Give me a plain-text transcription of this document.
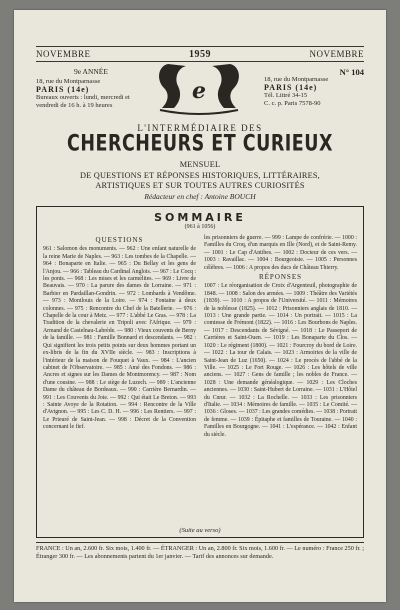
NOVEMBRE	1959	NOVEMBRE
9e ANNÉE
18, rue du Montparnasse
PARIS (14e)
Bureaux ouverts : lundi, mercredi et vendredi de 16 h. à 19 heures
e
N° 104
18, rue du Montparnasse
PARIS (14e)
Tél. Littré 34-15
C. c. p. Paris 7578-90
L'INTERMÉDIAIRE DES
CHERCHEURS ET CURIEUX
MENSUEL
DE QUESTIONS ET RÉPONSES HISTORIQUES, LITTÉRAIRES,
ARTISTIQUES ET SUR TOUTES AUTRES CURIOSITÉS
Rédacteur en chef : Antoine BOUCH
SOMMAIRE
(961 à 1056)
QUESTIONS
961 : Salomon des monuments. — 962 : Une enfant naturelle de la reine Marie de Naples. — 963 : Les tombes de la Chapelle. — 964 : Bonaparte en Italie. — 965 : Du Bellay et les gens de l'Anjou. — 966 : Tableau du Cardinal Anglois. — 967 : Le Cocq : les ponts. — 968 : Les mises et les carmélites. — 969 : Livre de Beauvais. — 970 : La parure des dames de Lorraine. — 971 : Barbier en Pardaillan-Gondrin. — 972 : Lombards à Vendôme. — 973 : Montlouis de la Loire. — 974 : Fontaine à deux colonnes. — 975 : Rencontre du Chef de la Batellerie. — 976 : Chapelle de la cour à Metz. — 977 : L'abbé Le Gras. — 978 : La Tradition de la chevalerie en Tripoli avec l'Afrique. — 979 : Armand de Castelnau-Labrède. — 980 : Vieux couvents de Berny de la famille. — 981 : Famille Bonnard et descendants. — 982 : Qui signifient les trois petits points sur deux hommes portant un ex-libris de la fin du XVIIe siècle. — 983 : Inscriptions à l'intérieur de la maison de Fouquet à Vaux. — 984 : L'ancien cabinet de l'Observatoire. — 985 : Amé des Fondons. — 986 : Ancres et signes sur les Dames de Montmorency. — 987 : Nom d'une cousine. — 988 : Le siège de Luzech. — 989 : L'ancienne Dame du château de Bordeaux. — 990 : Carrière Bernardin. — 991 : Les Couvents du Joie. — 992 : Qui était Le Breton. — 993 : Sainte Avoye de la Rotation. — 994 : Rencontre de la Ville d'Avignon. — 995 : Les C. D. H. — 996 : Les Rentiers. — 997 : Le Prieuré de Saint-Jean. — 998 : Décret de la Convention concernant le fief.
les prisonniers de guerre. — 999 : Lampe de confrérie. — 1000 : Familles du Croq, d'un marquis en Ille (Nord), et de Saint-Remy. — 1001 : Le Cap d'Antibes. — 1002 : Docteur de ces vers. — 1003 : Ravaillac. — 1004 : Bourgeoisie. — 1005 : Personnes célèbres. — 1006 : A propos des ducs de Château Thierry.
RÉPONSES
1007 : Le réorganisation de Croix d'Argenteuil, photographie de 1848. — 1008 : Salon des armées. — 1009 : Théâtre des Variétés (1839). — 1010 : A propos de l'Université. — 1011 : Mémoires de la noblesse (1825). — 1012 : Prisonniers anglais de 1810. — 1013 : Une grande partie. — 1014 : Un portrait. — 1015 : La comtesse de Frémont (1822). — 1016 : Les Bourbons de Naples. — 1017 : Descendants de Sévigné. — 1018 : Le Passeport de Carrières et Saint-Ouen. — 1019 : Les Bonaparte du Clos. — 1020 : Le régiment (1800). — 1021 : Fourcroy du bord de Loire. — 1022 : La tour de Calais. — 1023 : Armoiries de la ville de Saint-Jean de Luz (1650). — 1024 : Le procès de l'abbé de la Ville. — 1025 : Le Fort Rouge. — 1026 : Les hôtels de ville anciens. — 1027 : Gens de famille ; les nobles de France. — 1028 : Une demande généalogique. — 1029 : Les Cloches anciennes. — 1030 : Saint-Hubert de Lorraine. — 1031 : L'Hôtel du Cœur. — 1032 : La Rochelle. — 1033 : Les prisonniers d'Italie. — 1034 : Mémoires de famille. — 1035 : Le Comité. — 1036 : Gloses. — 1037 : Les grandes comédies. — 1038 : Portrait de femme. — 1039 : Épitaphe et familles de Touraine. — 1040 : Familles en Bourgogne. — 1041 : L'espérance. — 1042 : Enfant du siècle.
(Suite au verso)
FRANCE : Un an, 2.600 fr. Six mois, 1.400 fr. — ÉTRANGER : Un an, 2.800 fr. Six mois, 1.600 fr. — Le numéro : France 250 fr. ; Étranger 300 fr. — Les abonnements partent du 1er janvier. — Tarif des annonces sur demande.
